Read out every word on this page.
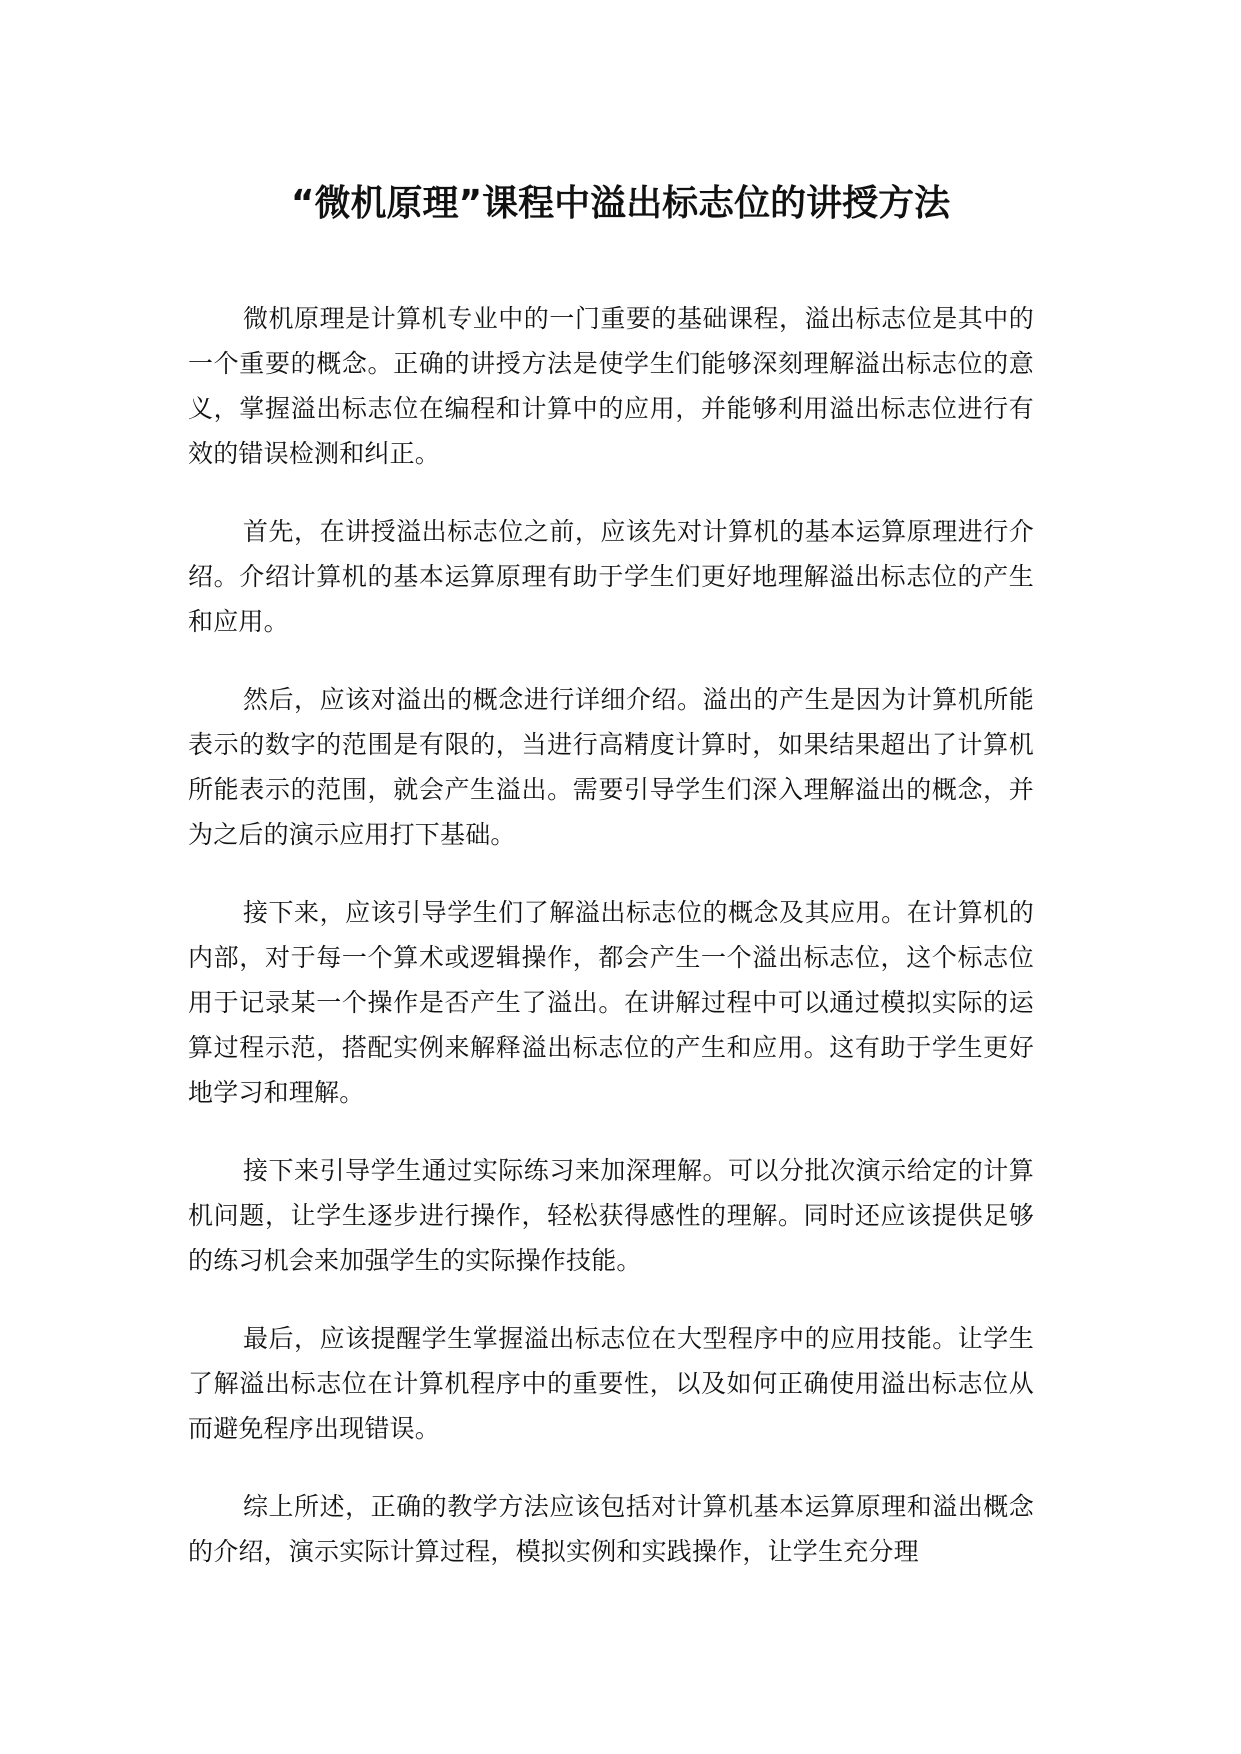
“微机原理”课程中溢出标志位的讲授方法

微机原理是计算机专业中的一门重要的基础课程，溢出标志位是其中的一个重要的概念。正确的讲授方法是使学生们能够深刻理解溢出标志位的意义，掌握溢出标志位在编程和计算中的应用，并能够利用溢出标志位进行有效的错误检测和纠正。

首先，在讲授溢出标志位之前，应该先对计算机的基本运算原理进行介绍。介绍计算机的基本运算原理有助于学生们更好地理解溢出标志位的产生和应用。

然后，应该对溢出的概念进行详细介绍。溢出的产生是因为计算机所能表示的数字的范围是有限的，当进行高精度计算时，如果结果超出了计算机所能表示的范围，就会产生溢出。需要引导学生们深入理解溢出的概念，并为之后的演示应用打下基础。

接下来，应该引导学生们了解溢出标志位的概念及其应用。在计算机的内部，对于每一个算术或逻辑操作，都会产生一个溢出标志位，这个标志位用于记录某一个操作是否产生了溢出。在讲解过程中可以通过模拟实际的运算过程示范，搭配实例来解释溢出标志位的产生和应用。这有助于学生更好地学习和理解。

接下来引导学生通过实际练习来加深理解。可以分批次演示给定的计算机问题，让学生逐步进行操作，轻松获得感性的理解。同时还应该提供足够的练习机会来加强学生的实际操作技能。

最后，应该提醒学生掌握溢出标志位在大型程序中的应用技能。让学生了解溢出标志位在计算机程序中的重要性，以及如何正确使用溢出标志位从而避免程序出现错误。

综上所述，正确的教学方法应该包括对计算机基本运算原理和溢出概念的介绍，演示实际计算过程，模拟实例和实践操作，让学生充分理
